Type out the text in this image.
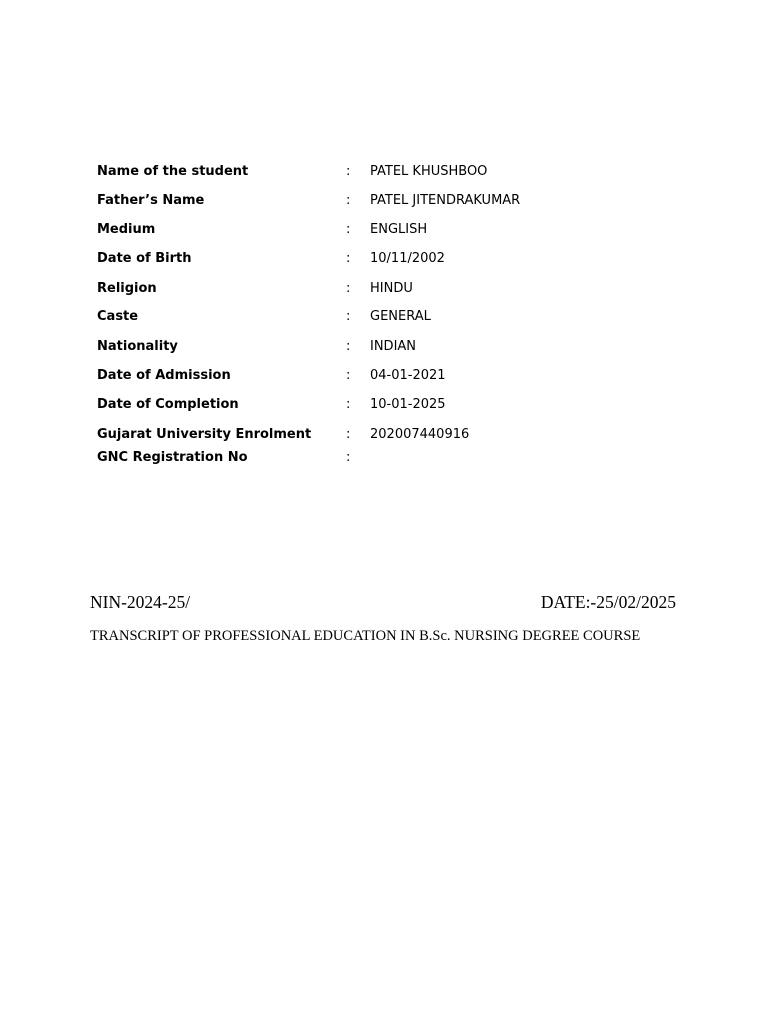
Name of the student	: PATEL KHUSHBOO
Father’s Name	: PATEL JITENDRAKUMAR
Medium	: ENGLISH
Date of Birth	: 10/11/2002
Religion	: HINDU
Caste	: GENERAL
Nationality	: INDIAN
Date of Admission	: 04-01-2021
Date of Completion	: 10-01-2025
Gujarat University Enrolment	: 202007440916
GNC Registration No	:
NIN-2024-25/	DATE:-25/02/2025
TRANSCRIPT OF PROFESSIONAL EDUCATION IN B.Sc. NURSING DEGREE COURSE
